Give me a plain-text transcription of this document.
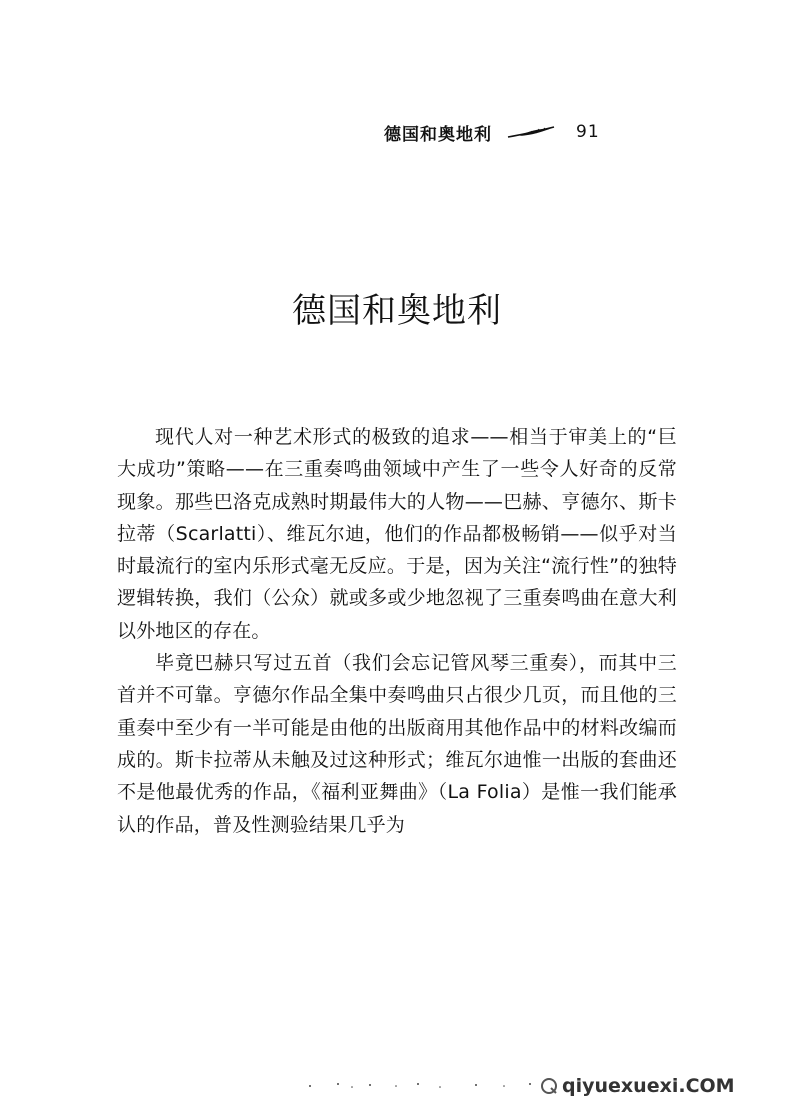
德国和奥地利	91
德国和奥地利

现代人对一种艺术形式的极致的追求——相当于审美上的“巨大成功”策略——在三重奏鸣曲领域中产生了一些令人好奇的反常现象。那些巴洛克成熟时期最伟大的人物——巴赫、亨德尔、斯卡拉蒂（Scarlatti）、维瓦尔迪，他们的作品都极畅销——似乎对当时最流行的室内乐形式毫无反应。于是，因为关注“流行性”的独特逻辑转换，我们（公众）就或多或少地忽视了三重奏鸣曲在意大利以外地区的存在。

毕竟巴赫只写过五首（我们会忘记管风琴三重奏），而其中三首并不可靠。亨德尔作品全集中奏鸣曲只占很少几页，而且他的三重奏中至少有一半可能是由他的出版商用其他作品中的材料改编而成的。斯卡拉蒂从未触及过这种形式；维瓦尔迪惟一出版的套曲还不是他最优秀的作品，《福利亚舞曲》（La Folia）是惟一我们能承认的作品，普及性测验结果几乎为

qiyuexuexi.COM
